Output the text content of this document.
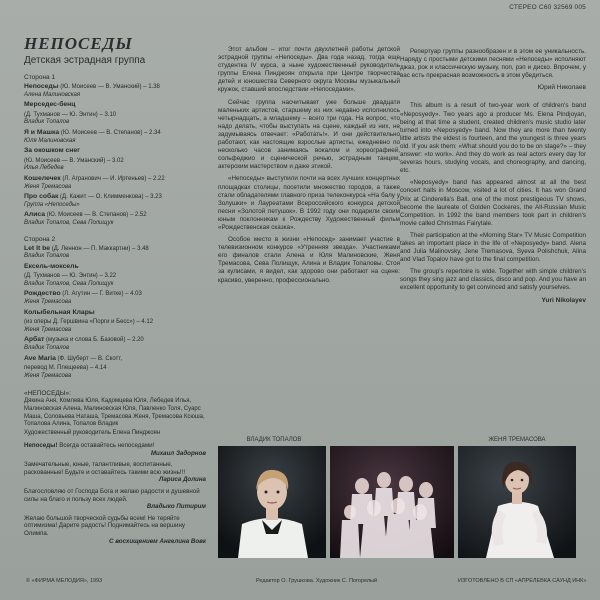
СТЕРЕО С60 32569 005
НЕПОСЕДЫ
Детская эстрадная группа
Сторона 1
Непоседы (Ю. Моисеев — В. Уманский) – 1.38
Алена Малиновская
Мерседес-бенц
(Д. Тухманов — Ю. Энтин) – 3.10
Владик Топалов
Я и Машка (Ю. Моисеев — В. Степанов) – 2.34
Юля Малиновская
За окошком снег
(Ю. Моисеев — В. Уманский) – 3.02
Илья Лебедев
Кошелечек (Л. Агранович — И. Иртеньев) – 2.22
Женя Тремасова
Про собак (Д. Кажит — О. Климменкова) – 3.23
Группа «Непоседы»
Алиса (Ю. Моисеев — В. Степанов) – 2.52
Владик Топалов, Сева Полищук
Сторона 2
Let It be (Д. Леннон — П. Маккартни) – 3.48
Владик Топалов
Ексель-моксель
(Д. Тухманов — Ю. Энтин) – 3.22
Владик Топалов, Сева Полищук
Рождество (Л. Агутин — Г. Витке) – 4.03
Женя Тремасова
Колыбельная Клары
(из оперы Д. Гершвина «Порги и Бесс») – 4.12
Женя Тремасова
Арбат (музыка и слова Б. Базовой) – 2.20
Владик Топалов
Ave Maria (Ф. Шуберт — В. Скотт,
перевод М. Плещеева) – 4.14
Женя Тремасова
«НЕПОСЕДЫ»:
Дякина Аня, Комлева Юля, Кадомцева Юля, Лебедев Илья, Малиновская Алена, Малиновская Юля, Павленко Толя, Суарс Маша, Соловьева Наташа, Тремасова Женя, Тремасова Ксюша, Топалова Алина, Топалов Владик
Художественный руководитель Елена Пинджоян
Непоседы! Всегда оставайтесь непоседами!
Михаил Задорнов
Замечательные, юные, талантливые, воспитанные, раскованные! Будьте и оставайтесь такими всю жизнь!!!
Лариса Долина
Благословляю от Господа Бога и желаю радости и душевной силы на благо и пользу всех людей.
Владыко Питирим
Желаю большой творческой судьбы всем! Не теряйте оптимизма! Дарите радость! Поднимайтесь на вершину Олимпа.
С восхищением Ангелина Вовк

Этот альбом – итог почти двухлетней работы детской эстрадной группы «Непоседы». Два года назад, тогда еще студентка IV курса, а ныне художественный руководитель группы Елена Пинджоян открыла при Центре творчества детей и юношества Северного округа Москвы музыкальный кружок, ставший впоследствии «Непоседами».

Сейчас группа насчитывает уже больше двадцати маленьких артистов, старшему из них недавно исполнилось четырнадцать, а младшему – всего три года. На вопрос, что надо делать, чтобы выступать на сцене, каждый из них, не задумываясь отвечает: «Работать!». И они действительно работают, как настоящие взрослые артисты, ежедневно по несколько часов занимаясь вокалом и хореографией, сольфеджио и сценической речью, эстрадным танцем, актерским мастерством и даже этикой.

«Непоседы» выступили почти на всех лучших концертных площадках столицы, посетили множество городов, а также стали обладателями главного приза телеконкурса «На балу у Золушки» и Лауреатами Всероссийского конкурса детской песни «Золотой петушок». В 1992 году они подарили своим юным поклонникам к Рождеству Художественный фильм «Рождественская сказка».

Особое место в жизни «Непосед» занимает участие в телевизионном конкурсе «Утренняя звезда». Участниками его финалов стали Алена и Юля Малиновские, Женя Тремасова, Сева Полищук, Алина и Владик Топаловы. Стоя за кулисами, я видел, как здорово они работают на сцене: красиво, уверенно, профессионально.

Репертуар группы разнообразен и в этом ее уникальность. Наряду с простыми детскими песнями «Непоседы» исполняют джаз, рок и классическую музыку, поп, рэп и диско. Впрочем, у вас есть прекрасная возможность в этом убедиться.

Юрий Николаев

This album is a result of two-year work of children's band «Neposyedy». Two years ago a producer Ms. Elena Pindjoyan, being at that time a student, created children's music studio later turned into «Neposyedy» band. Now they are more than twenty little artists the eldest is fourteen, and the youngest is three years old. If you ask them: «What should you do to be on stage?» – they answer: «to work». And they do work as real actors every day for severas hours, studying vocals, and choreography, and dancing, etc.

«Neposyedy» band has appeared almost at all the best concert halls in Moscow, visited a lot of cities. It has won Grand Prix at Cinderella's Ball, one of the most prestigeous TV shows, become the laureate of Golden Cockeres, the All-Russian Music Competition. In 1992 the band members took part in children's movie called Christmas Fairytale.

Their participation at the «Morning Star» TV Music Competition takes an important place in the life of «Neposyedy» band. Alena and Julia Malinovsky, Jene Tremasova, Syeva Polishchuk, Alina and Vlad Topalov have got to the final competition.

The group's repertoire is wide. Together with simple children's songs they sing jazz and classics, disco and pop. And you have an excellent opportunity to get convinced and satisfy yourselves.

Yuri Nikolayev
ВЛАДИК ТОПАЛОВ	ЖЕНЯ ТРЕМАСОВА
© «ФИРМА МЕЛОДИЯ», 1993	Редактор О. Грушкова. Художник С. Погорелый	ИЗГОТОВЛЕНО В СП «АПРЕЛЕВКА САУНД ИНК»
